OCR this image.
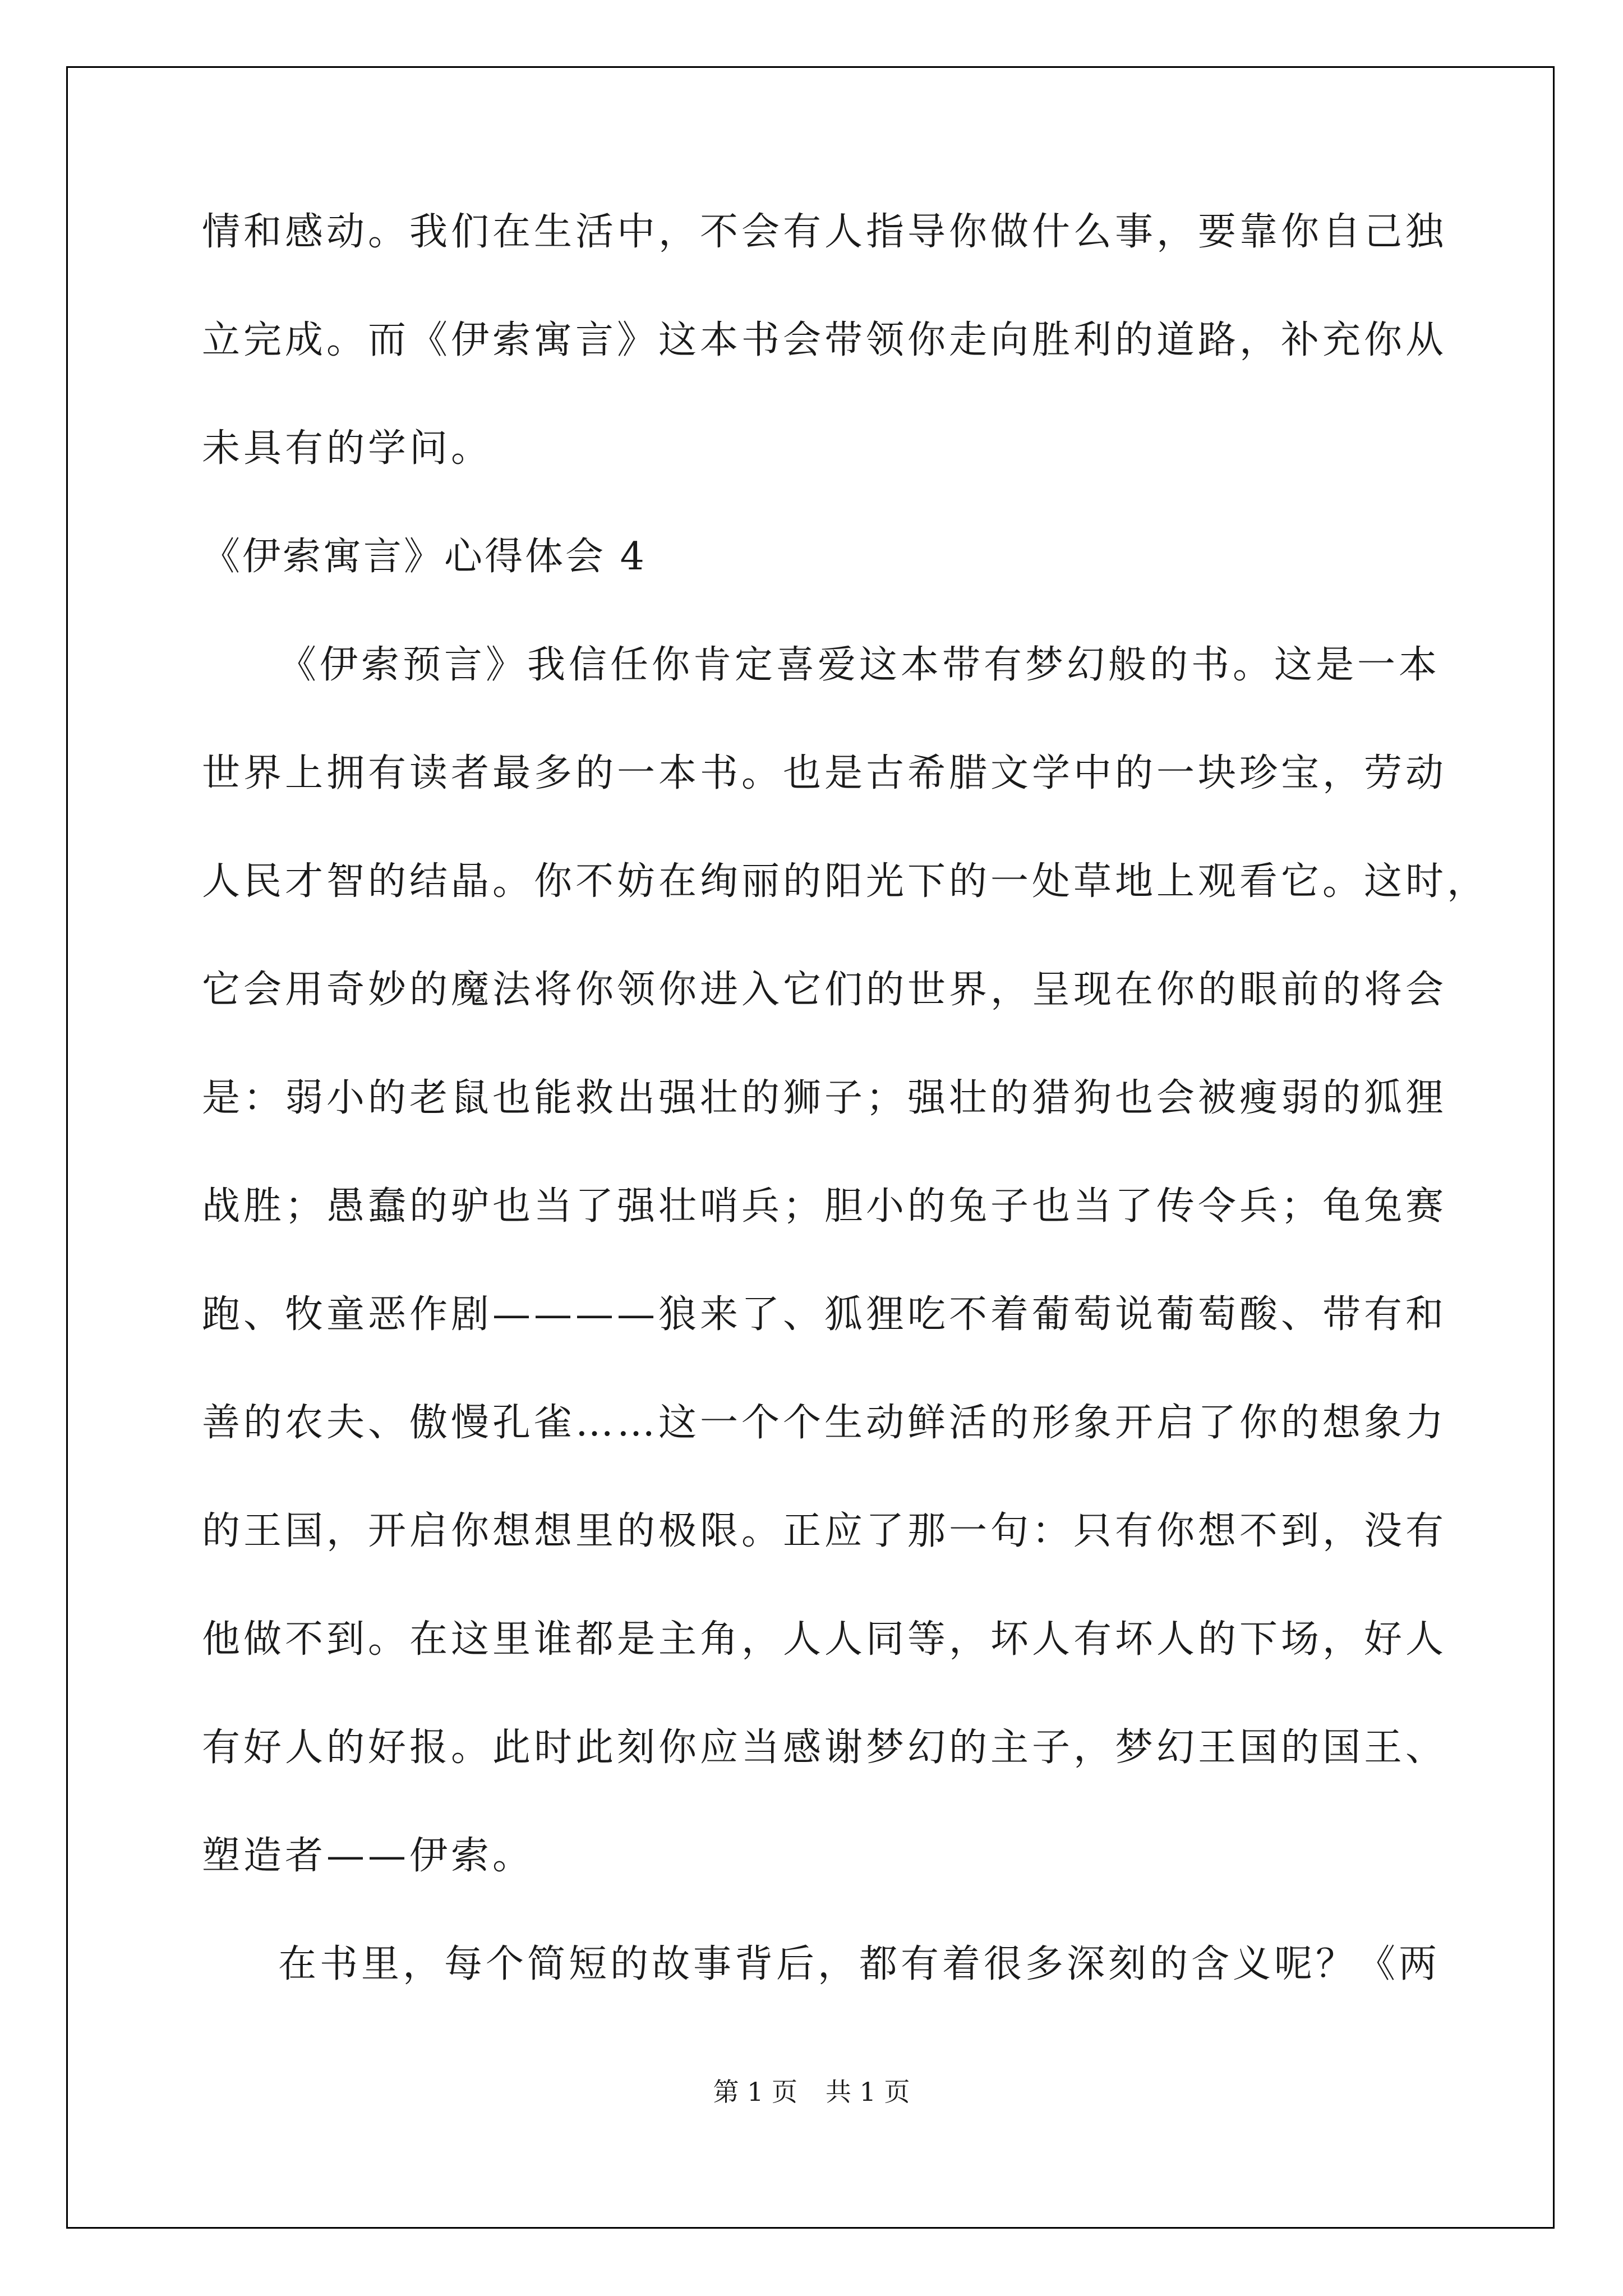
情和感动。我们在生活中，不会有人指导你做什么事，要靠你自己独
立完成。而《伊索寓言》这本书会带领你走向胜利的道路，补充你从
未具有的学问。
《伊索寓言》心得体会 4
《伊索预言》我信任你肯定喜爱这本带有梦幻般的书。这是一本
世界上拥有读者最多的一本书。也是古希腊文学中的一块珍宝，劳动
人民才智的结晶。你不妨在绚丽的阳光下的一处草地上观看它。这时，
它会用奇妙的魔法将你领你进入它们的世界，呈现在你的眼前的将会
是：弱小的老鼠也能救出强壮的狮子；强壮的猎狗也会被瘦弱的狐狸
战胜；愚蠢的驴也当了强壮哨兵；胆小的兔子也当了传令兵；龟兔赛
跑、牧童恶作剧————狼来了、狐狸吃不着葡萄说葡萄酸、带有和
善的农夫、傲慢孔雀……这一个个生动鲜活的形象开启了你的想象力
的王国，开启你想想里的极限。正应了那一句：只有你想不到，没有
他做不到。在这里谁都是主角，人人同等，坏人有坏人的下场，好人
有好人的好报。此时此刻你应当感谢梦幻的主子，梦幻王国的国王、
塑造者——伊索。
在书里，每个简短的故事背后，都有着很多深刻的含义呢？《两
第 1 页 共 1 页
